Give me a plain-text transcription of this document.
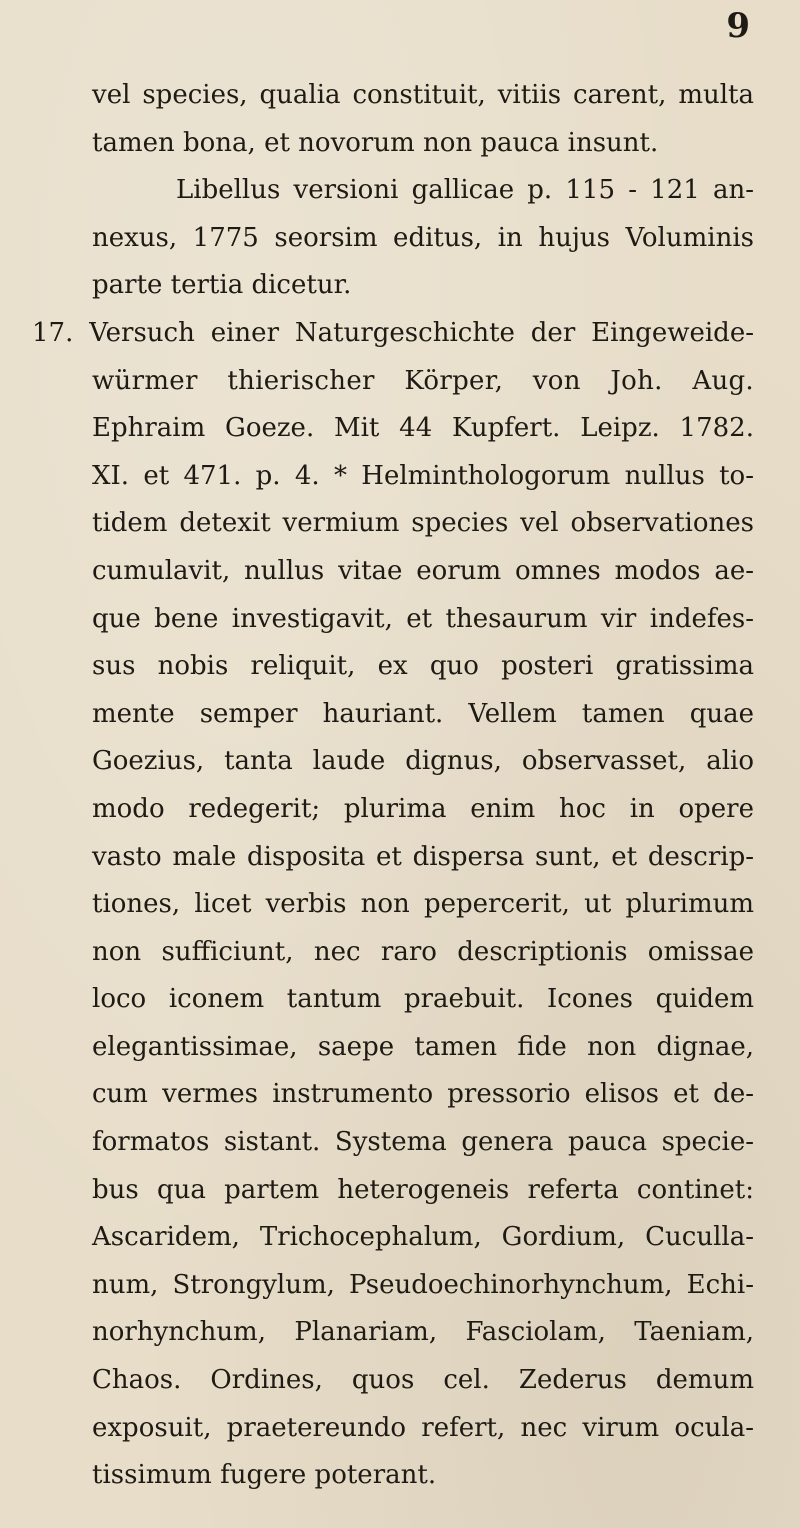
9
vel species, qualia constituit, vitiis carent, multa
tamen bona, et novorum non pauca insunt.
Libellus versioni gallicae p. 115 - 121 an-
nexus, 1775 seorsim editus, in hujus Voluminis
parte tertia dicetur.
17. Versuch einer Naturgeschichte der Eingeweide-
würmer thierischer Körper, von Joh. Aug.
Ephraim Goeze. Mit 44 Kupfert. Leipz. 1782.
XI. et 471. p. 4. * Helminthologorum nullus to-
tidem detexit vermium species vel observationes
cumulavit, nullus vitae eorum omnes modos ae-
que bene investigavit, et thesaurum vir indefes-
sus nobis reliquit, ex quo posteri gratissima
mente semper hauriant. Vellem tamen quae
Goezius, tanta laude dignus, observasset, alio
modo redegerit; plurima enim hoc in opere
vasto male disposita et dispersa sunt, et descrip-
tiones, licet verbis non pepercerit, ut plurimum
non sufficiunt, nec raro descriptionis omissae
loco iconem tantum praebuit. Icones quidem
elegantissimae, saepe tamen fide non dignae,
cum vermes instrumento pressorio elisos et de-
formatos sistant. Systema genera pauca specie-
bus qua partem heterogeneis referta continet:
Ascaridem, Trichocephalum, Gordium, Cuculla-
num, Strongylum, Pseudoechinorhynchum, Echi-
norhynchum, Planariam, Fasciolam, Taeniam,
Chaos. Ordines, quos cel. Zederus demum
exposuit, praetereundo refert, nec virum ocula-
tissimum fugere poterant.
